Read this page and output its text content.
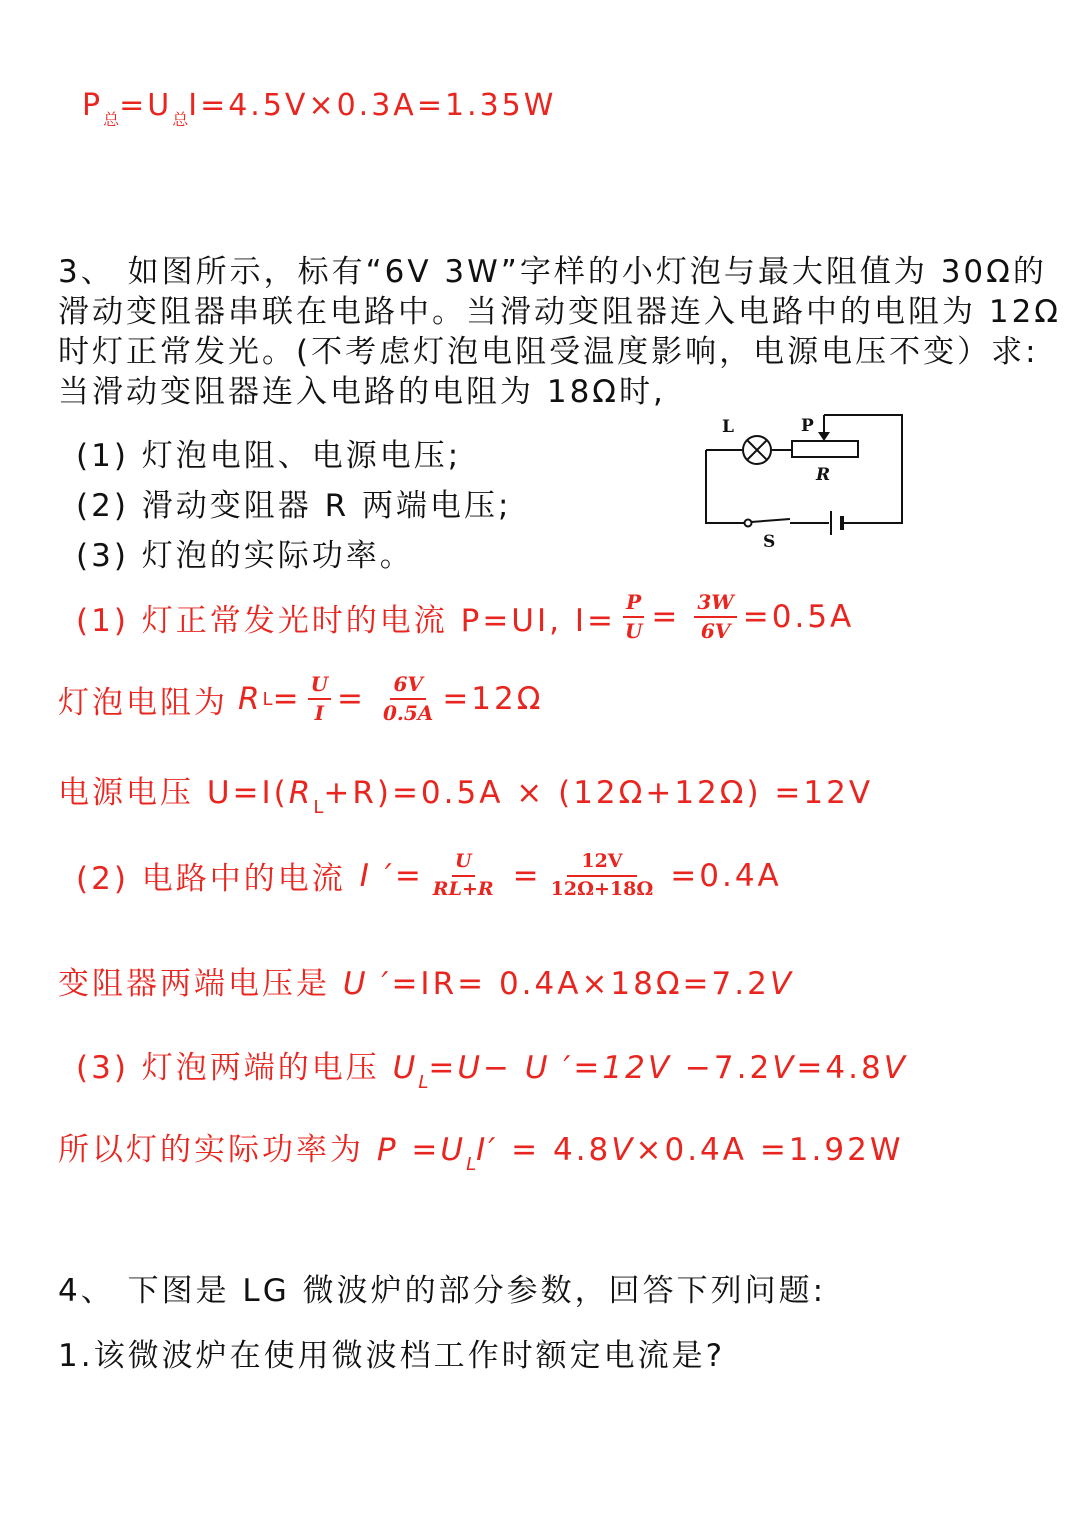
$P_总=U_总I=4.5V\times 0.3A=1.35W$
3、 如图所示，标有“6V 3W”字样的小灯泡与最大阻值为 30Ω的
滑动变阻器串联在电路中。当滑动变阻器连入电路中的电阻为 12Ω
时灯正常发光。(不考虑灯泡电阻受温度影响，电源电压不变）求:
当滑动变阻器连入电路的电阻为 18Ω时,
(1) 灯泡电阻、电源电压;
(2) 滑动变阻器 R 两端电压;
(3) 灯泡的实际功率。
L	P
R
S
(1) 灯正常发光时的电流 P=UI, $I= \frac{P}{U} = \frac{3W}{6V} =0.5A$
灯泡电阻为 R $L = \frac{U}{I} = \frac{6V}{0.5A} =12\Omega$
电源电压 $U=I(R_L+R)=0.5A \times (12\Omega+12\Omega) =12V$
(2) 电路中的电流 I ′ = $\frac{U}{RL+R} = \frac{12V}{12\Omega+18\Omega} =0.4A$
变阻器两端电压是 U ′=IR= 0.4A×18Ω=7.2V
(3) 灯泡两端的电压 $U_L=U- U$ ′=12V −7.2V=4.8V
所以灯的实际功率为 $P =U_LI' = 4.8V\times 0.4A =1.92W$
4、 下图是 LG 微波炉的部分参数，回答下列问题:
1.该微波炉在使用微波档工作时额定电流是?
